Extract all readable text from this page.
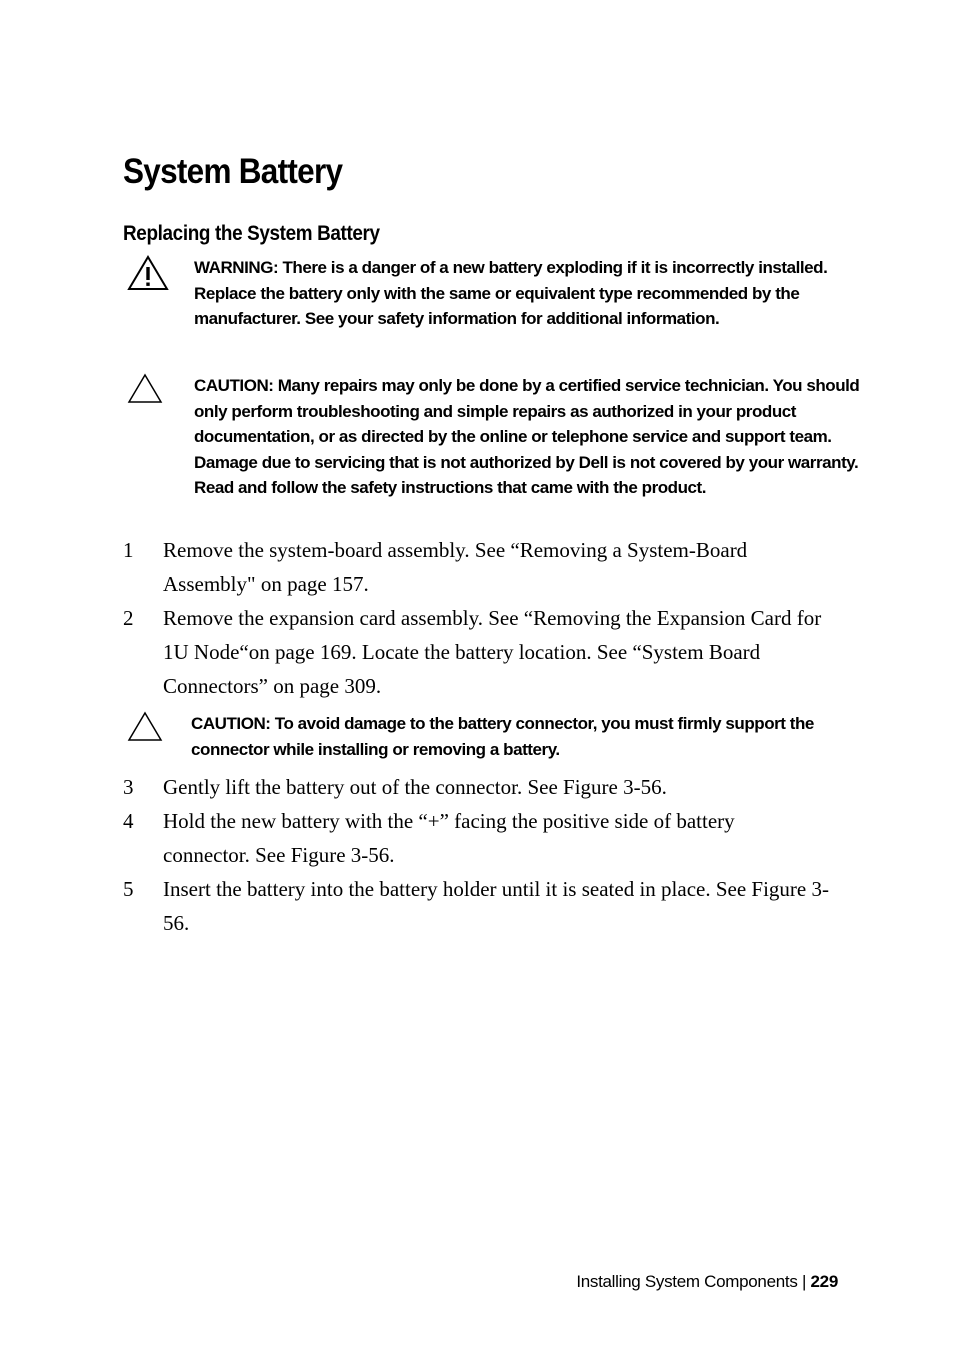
System Battery
Replacing the System Battery
WARNING: There is a danger of a new battery exploding if it is incorrectly installed. Replace the battery only with the same or equivalent type recommended by the manufacturer. See your safety information for additional information.
CAUTION: Many repairs may only be done by a certified service technician. You should only perform troubleshooting and simple repairs as authorized in your product documentation, or as directed by the online or telephone service and support team. Damage due to servicing that is not authorized by Dell is not covered by your warranty. Read and follow the safety instructions that came with the product.
1 Remove the system-board assembly. See “Removing a System-Board Assembly" on page 157.
2 Remove the expansion card assembly. See “Removing the Expansion Card for 1U Node“on page 169. Locate the battery location. See “System Board Connectors” on page 309.
CAUTION: To avoid damage to the battery connector, you must firmly support the connector while installing or removing a battery.
3 Gently lift the battery out of the connector. See Figure 3-56.
4 Hold the new battery with the “+” facing the positive side of battery connector. See Figure 3-56.
5 Insert the battery into the battery holder until it is seated in place. See Figure 3-56.
Installing System Components | 229
